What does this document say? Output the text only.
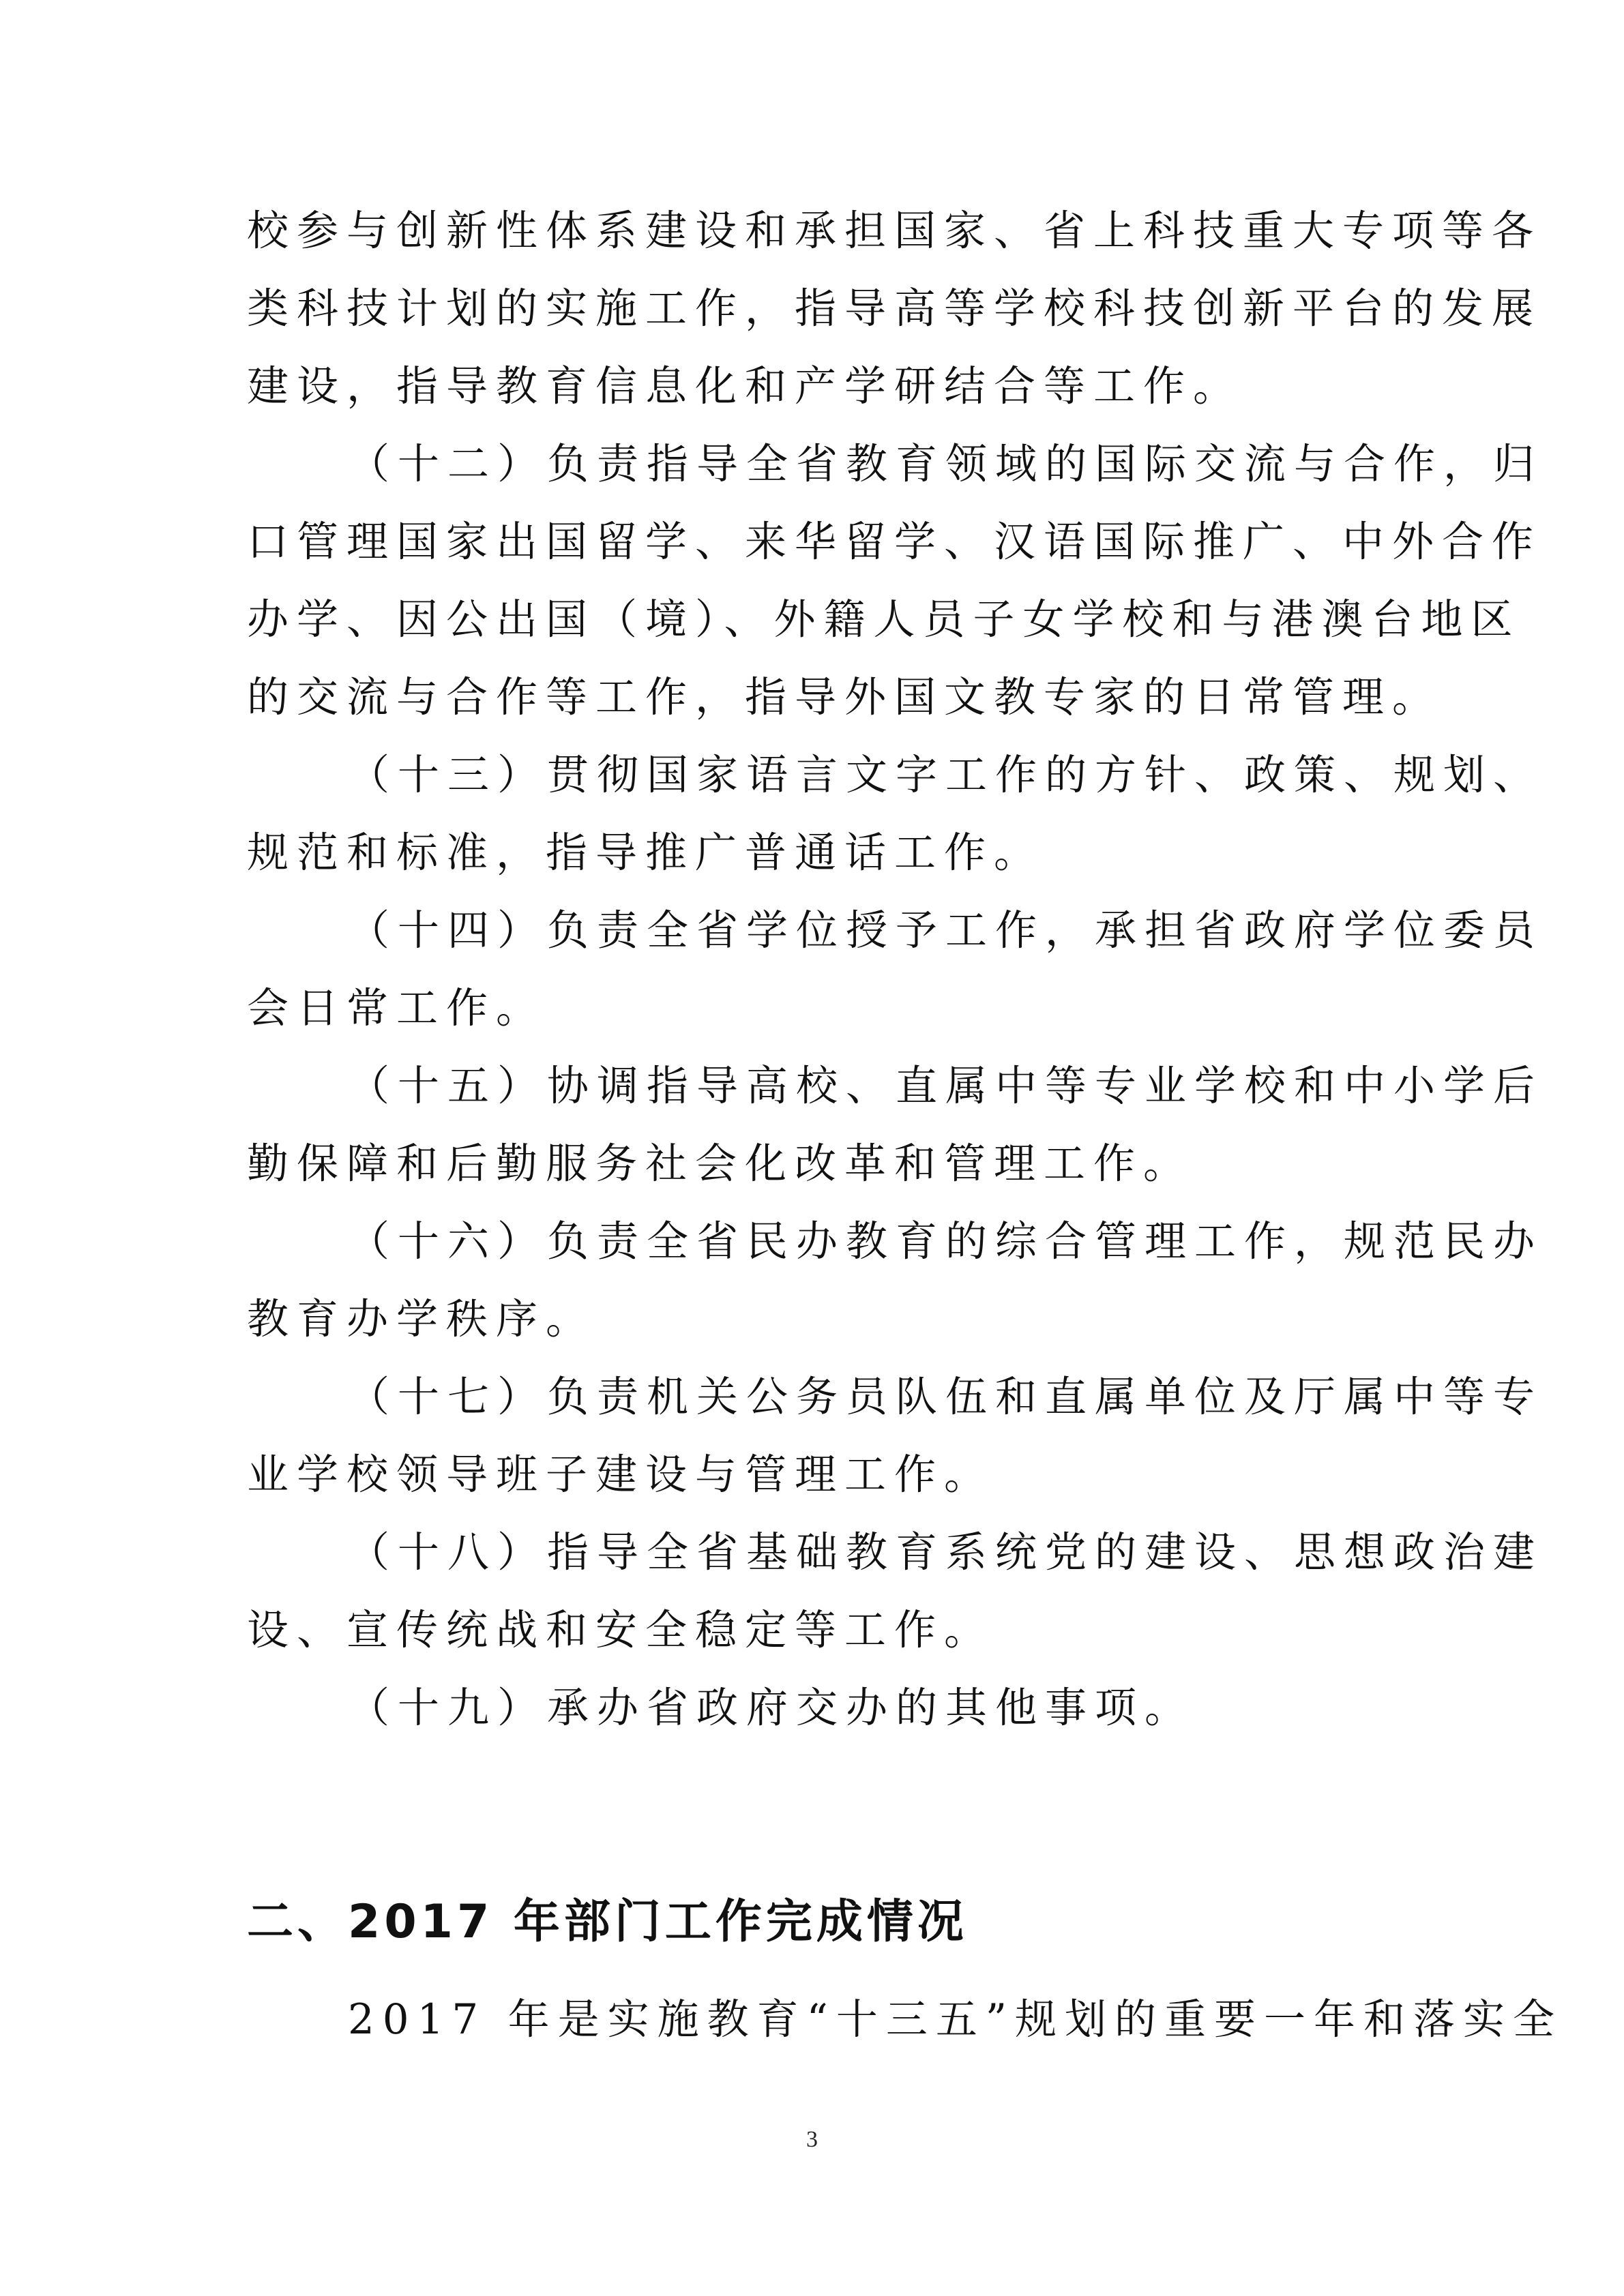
校参与创新性体系建设和承担国家、省上科技重大专项等各
类科技计划的实施工作，指导高等学校科技创新平台的发展
建设，指导教育信息化和产学研结合等工作。
（十二）负责指导全省教育领域的国际交流与合作，归
口管理国家出国留学、来华留学、汉语国际推广、中外合作
办学、因公出国（境）、外籍人员子女学校和与港澳台地区
的交流与合作等工作，指导外国文教专家的日常管理。
（十三）贯彻国家语言文字工作的方针、政策、规划、
规范和标准，指导推广普通话工作。
（十四）负责全省学位授予工作，承担省政府学位委员
会日常工作。
（十五）协调指导高校、直属中等专业学校和中小学后
勤保障和后勤服务社会化改革和管理工作。
（十六）负责全省民办教育的综合管理工作，规范民办
教育办学秩序。
（十七）负责机关公务员队伍和直属单位及厅属中等专
业学校领导班子建设与管理工作。
（十八）指导全省基础教育系统党的建设、思想政治建
设、宣传统战和安全稳定等工作。
（十九）承办省政府交办的其他事项。
二、2017 年部门工作完成情况
2017 年是实施教育“十三五”规划的重要一年和落实全
3
